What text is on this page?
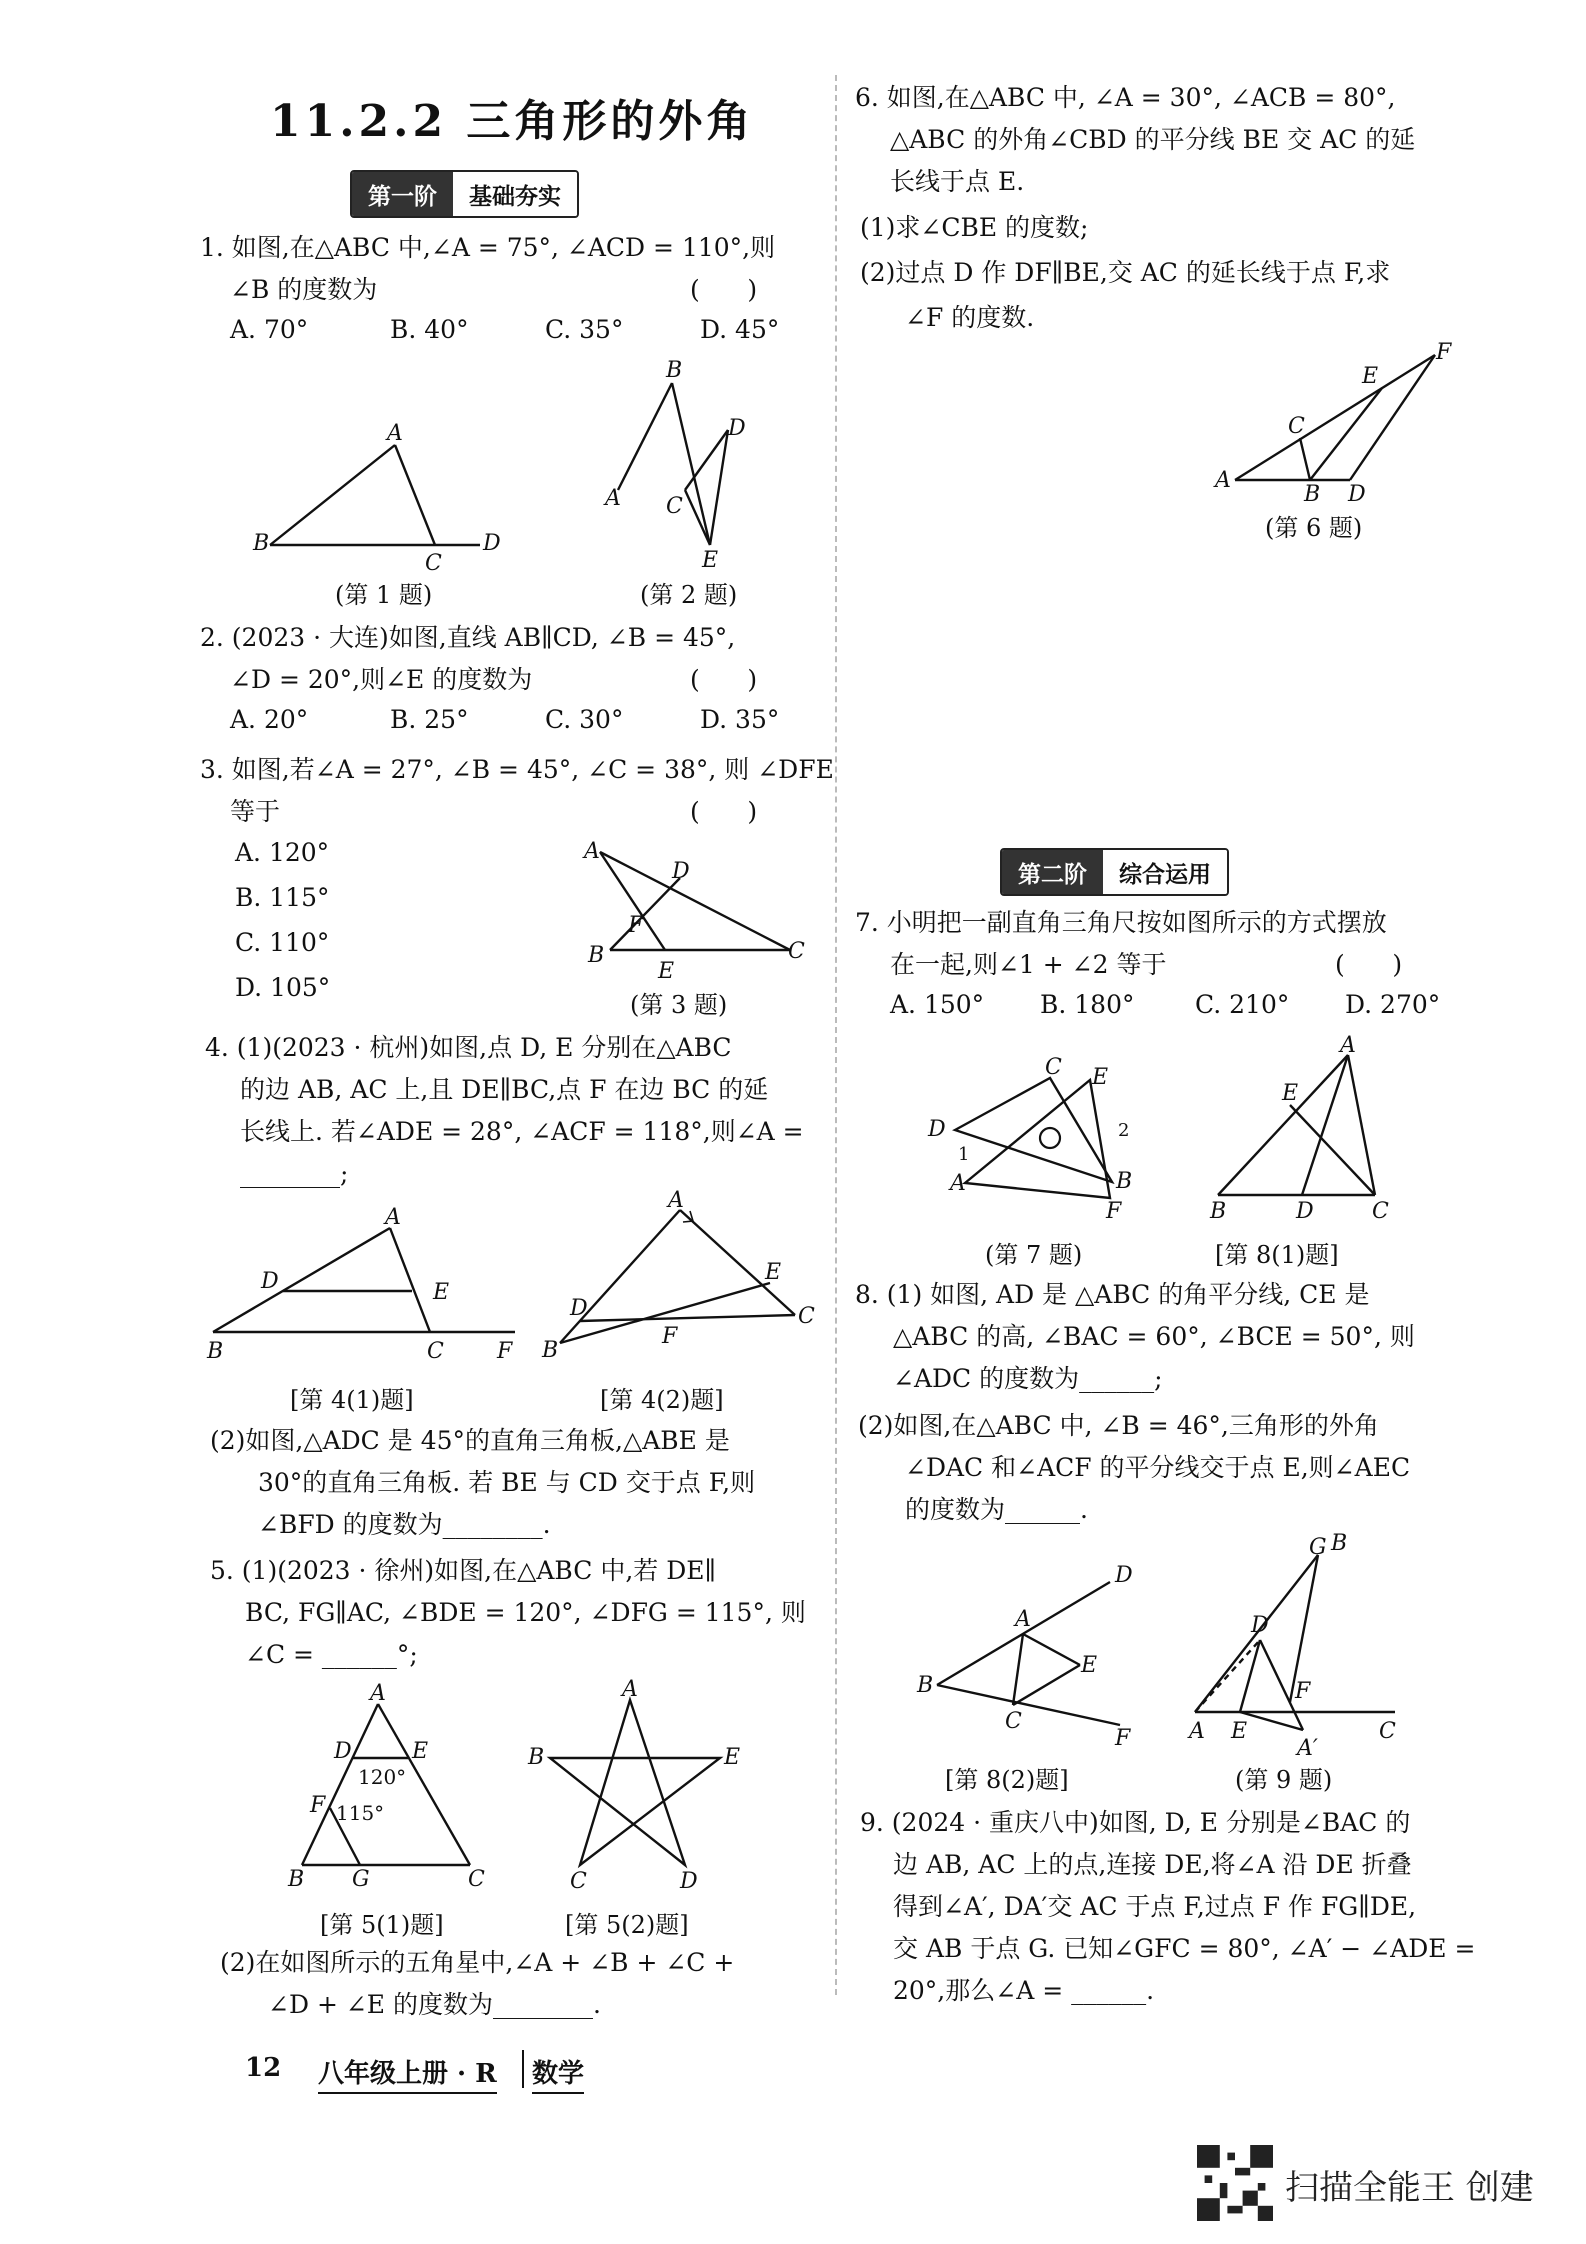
11.2.2 三角形的外角
第一阶	基础夯实
1. 如图,在△ABC 中,∠A = 75°, ∠ACD = 110°,则
∠B 的度数为	(      )
A. 70°	B. 40°	C. 35°	D. 45°
A
B
C
D
(第 1 题)
A
B
C
D
E
(第 2 题)
2. (2023 · 大连)如图,直线 AB∥CD, ∠B = 45°,
∠D = 20°,则∠E 的度数为	(      )
A. 20°	B. 25°	C. 30°	D. 35°
3. 如图,若∠A = 27°, ∠B = 45°, ∠C = 38°, 则 ∠DFE
等于	(      )
A. 120°
B. 115°
C. 110°
D. 105°
A
B	C
D
E
F
(第 3 题)
4. (1)(2023 · 杭州)如图,点 D, E 分别在△ABC
的边 AB, AC 上,且 DE∥BC,点 F 在边 BC 的延
长线上. 若∠ADE = 28°, ∠ACF = 118°,则∠A =
________;
A
B	C
D	E
F
[第 4(1)题]
A
B
C
D
E
F
[第 4(2)题]
(2)如图,△ADC 是 45°的直角三角板,△ABE 是
30°的直角三角板. 若 BE 与 CD 交于点 F,则
∠BFD 的度数为________.
5. (1)(2023 · 徐州)如图,在△ABC 中,若 DE∥
BC, FG∥AC, ∠BDE = 120°, ∠DFG = 115°, 则
∠C = ______°;
A
B	C
D	E
F
G
120°
115°
[第 5(1)题]
A
B
C	D
E
[第 5(2)题]
(2)在如图所示的五角星中,∠A + ∠B + ∠C +
∠D + ∠E 的度数为________.
6. 如图,在△ABC 中, ∠A = 30°, ∠ACB = 80°,
△ABC 的外角∠CBD 的平分线 BE 交 AC 的延
长线于点 E.
(1)求∠CBE 的度数;
(2)过点 D 作 DF∥BE,交 AC 的延长线于点 F,求
∠F 的度数.
A
B
C
D
E
F
(第 6 题)
第二阶	综合运用
7. 小明把一副直角三角尺按如图所示的方式摆放
在一起,则∠1 + ∠2 等于	(      )
A. 150° B. 180° C. 210° D. 270°
C E
D
1
2
A	B
F
(第 7 题)
A
E
B	D	C
[第 8(1)题]
8. (1) 如图, AD 是 △ABC 的角平分线, CE 是
△ABC 的高, ∠BAC = 60°, ∠BCE = 50°, 则
∠ADC 的度数为______;
(2)如图,在△ABC 中, ∠B = 46°,三角形的外角
∠DAC 和∠ACF 的平分线交于点 E,则∠AEC
的度数为______.
D
A
E
B
C
F
[第 8(2)题]
G B
D
F
A E
A′
C
(第 9 题)
9. (2024 · 重庆八中)如图, D, E 分别是∠BAC 的
边 AB, AC 上的点,连接 DE,将∠A 沿 DE 折叠
得到∠A′, DA′交 AC 于点 F,过点 F 作 FG∥DE,
交 AB 于点 G. 已知∠GFC = 80°, ∠A′ − ∠ADE =
20°,那么∠A = ______.
12 八年级上册 · R 数学
扫描全能王 创建
